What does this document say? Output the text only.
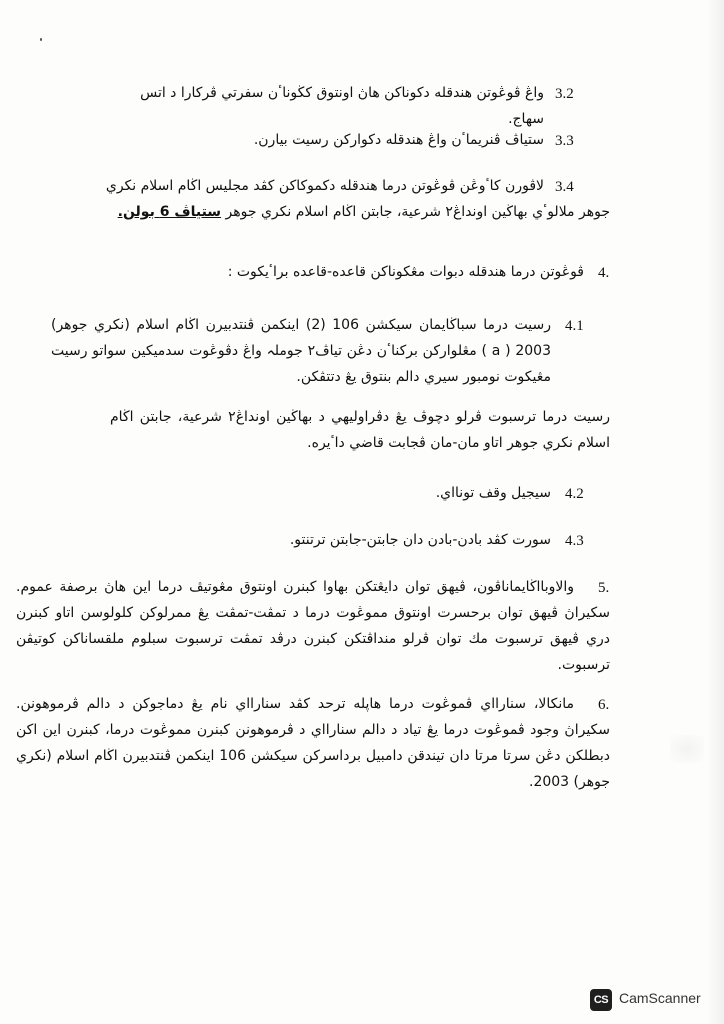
3.2
واڠ ڤوڠوتن هندقله دكوناكن هاڽ اونتوق كڬوناٴن سفرتي ڤركارا د اتس سهاج.
3.3
ستياڤ ڤنريماٴن واڠ هندقله دكواركن رسيت بيارن.
3.4
لاڤورن كاٴوڠن ڤوڠوتن درما هندقله دكموكاكن كڤد مجليس اڬام اسلام نكري
جوهر ملالوٴي بهاڬين اونداڠ٢ شرعية، جابتن اڬام اسلام نكري جوهر ستياڤ 6 بولن.
4.
ڤوڠوتن درما هندقله دبوات مڠكوناكن قاعده-قاعده براٴيكوت :
4.1
رسيت درما سباڬايمان سيكشن 106 (2) اينكمن ڤنتدبيرن اڬام اسلام (نكري جوهر) 2003 ( a ) مڠلواركن بركناٴن دڠن تياڤ٢ جوملہ واڠ دڤوڠوت سدميكين سواتو رسيت مڠيكوت نومبور سيري دالم بنتوق يڠ دتتڤكن.
رسيت درما ترسبوت ڤرلو دچوڤ يڠ دڤراوليهي د بهاڬين اونداڠ٢ شرعية، جابتن اڬام اسلام نكري جوهر اتاو مان-مان ڤجابت قاضي داٴيره.
4.2
سيجيل وقف تونااي.
4.3
سورت كڤد بادن-بادن دان جابتن-جابتن ترتنتو.
5.
والاوبااڬايماناڤون، ڤيهق توان دايڠتكن بهاوا كبنرن اونتوق مڠوتيڤ درما اين هاڽ برصفة عموم. سكيراڽ ڤيهق توان برحسرت اونتوق مموڠوت درما د تمڤت-تمڤت يڠ ممرلوكن كلولوسن اتاو كبنرن دري ڤيهق ترسبوت مك توان ڤرلو منداڤتكن كبنرن درڤد تمڤت ترسبوت سبلوم ملقساناكن كوتيڤن ترسبوت.
6.
مانكالا، سنارااي ڤموڠوت درما هاپله ترحد كڤد سنارااي نام يڠ دماجوكن د دالم ڤرموهونن. سكيراڽ وجود ڤموڠوت درما يڠ تياد د دالم سنارااي د ڤرموهونن كبنرن مموڠوت درما، كبنرن اين اكن دبطلكن دڠن سرتا مرتا دان تيندقن دامبيل برداسركن سيكشن 106 اينكمن ڤنتدبيرن اڬام اسلام (نكري جوهر) 2003.
CS CamScanner
